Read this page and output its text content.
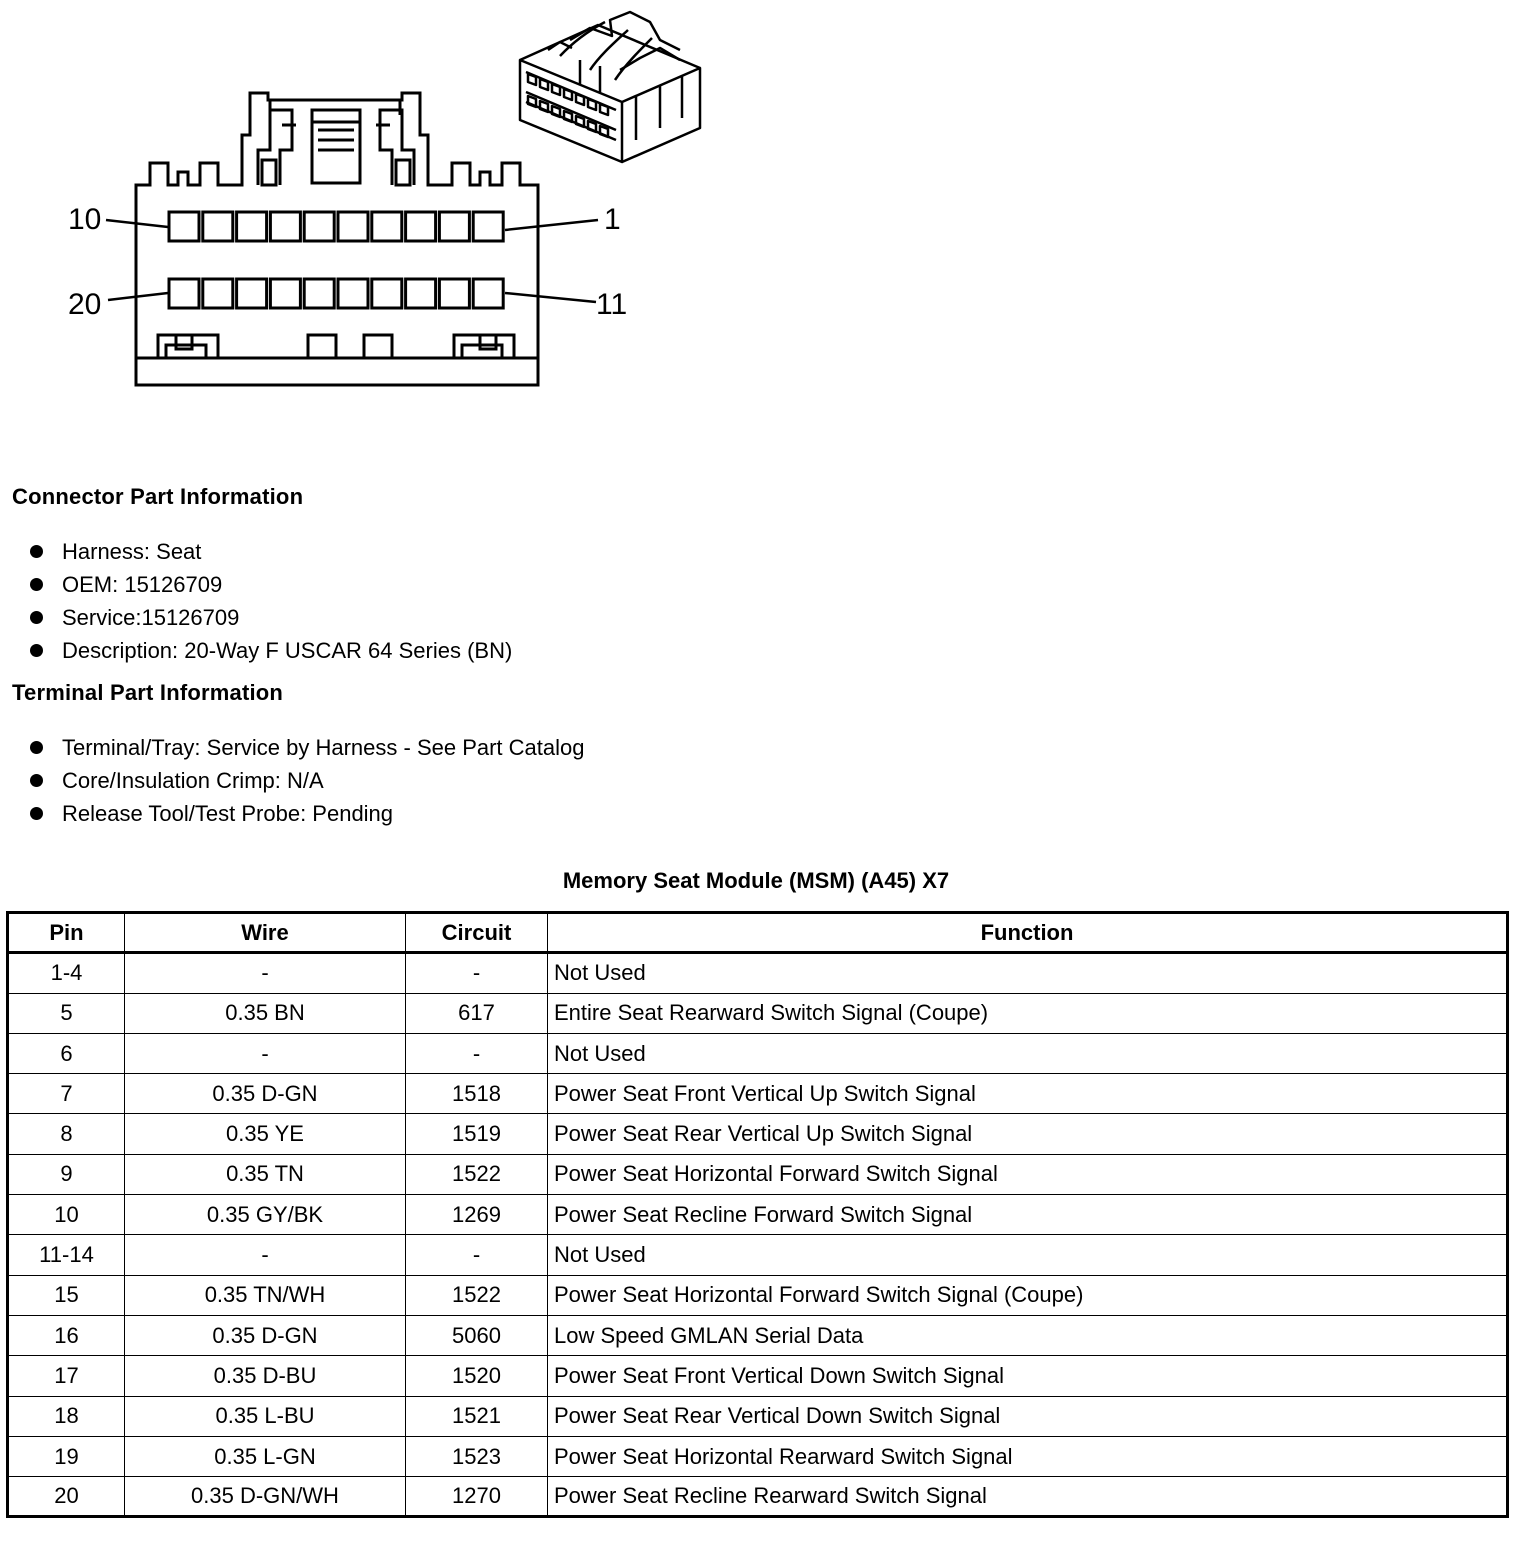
10	1
20	11
Connector Part Information
Harness: Seat
OEM: 15126709
Service:15126709
Description: 20-Way F USCAR 64 Series (BN)
Terminal Part Information
Terminal/Tray: Service by Harness - See Part Catalog
Core/Insulation Crimp: N/A
Release Tool/Test Probe: Pending
Memory Seat Module (MSM) (A45) X7
Pin	Wire	Circuit	Function
1-4	-	-	Not Used
5	0.35 BN	617	Entire Seat Rearward Switch Signal (Coupe)
6	-	-	Not Used
7	0.35 D-GN	1518	Power Seat Front Vertical Up Switch Signal
8	0.35 YE	1519	Power Seat Rear Vertical Up Switch Signal
9	0.35 TN	1522	Power Seat Horizontal Forward Switch Signal
10	0.35 GY/BK	1269	Power Seat Recline Forward Switch Signal
11-14	-	-	Not Used
15	0.35 TN/WH	1522	Power Seat Horizontal Forward Switch Signal (Coupe)
16	0.35 D-GN	5060	Low Speed GMLAN Serial Data
17	0.35 D-BU	1520	Power Seat Front Vertical Down Switch Signal
18	0.35 L-BU	1521	Power Seat Rear Vertical Down Switch Signal
19	0.35 L-GN	1523	Power Seat Horizontal Rearward Switch Signal
20	0.35 D-GN/WH	1270	Power Seat Recline Rearward Switch Signal
